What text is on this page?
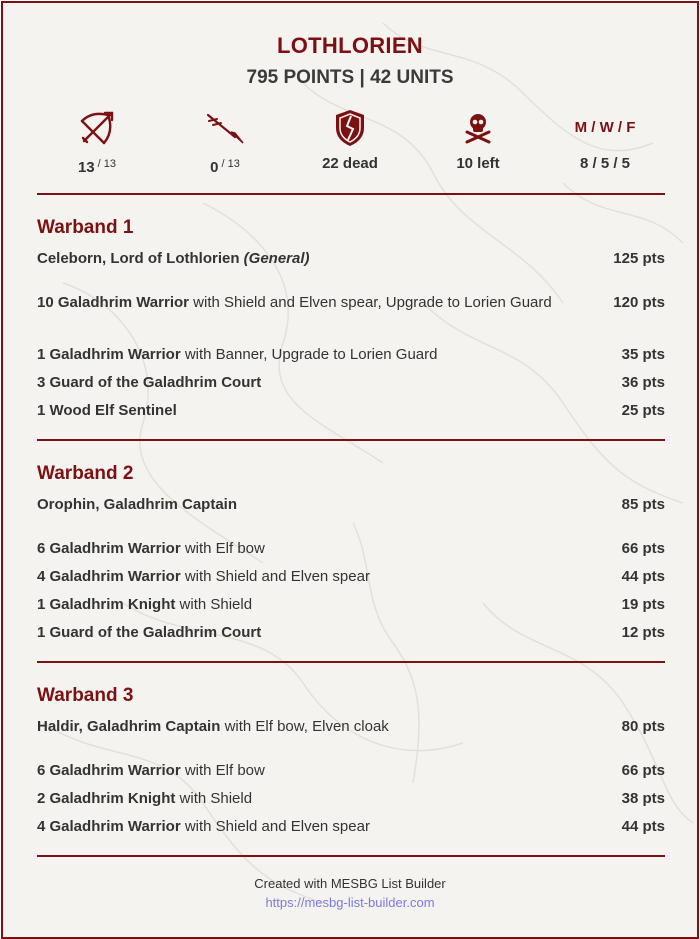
LOTHLORIEN
795 POINTS | 42 UNITS
13 $^{/ 13}$	0 $^{/ 13}$	22 dead	10 left
M / W / F
8 / 5 / 5
Warband 1
Celeborn, Lord of Lothlorien (General)	125 pts
10 Galadhrim Warrior with Shield and Elven spear, Upgrade to Lorien Guard	120 pts
1 Galadhrim Warrior with Banner, Upgrade to Lorien Guard	35 pts
3 Guard of the Galadhrim Court	36 pts
1 Wood Elf Sentinel	25 pts
Warband 2
Orophin, Galadhrim Captain	85 pts
6 Galadhrim Warrior with Elf bow	66 pts
4 Galadhrim Warrior with Shield and Elven spear	44 pts
1 Galadhrim Knight with Shield	19 pts
1 Guard of the Galadhrim Court	12 pts
Warband 3
Haldir, Galadhrim Captain with Elf bow, Elven cloak	80 pts
6 Galadhrim Warrior with Elf bow	66 pts
2 Galadhrim Knight with Shield	38 pts
4 Galadhrim Warrior with Shield and Elven spear	44 pts
Created with MESBG List Builder
https://mesbg-list-builder.com
